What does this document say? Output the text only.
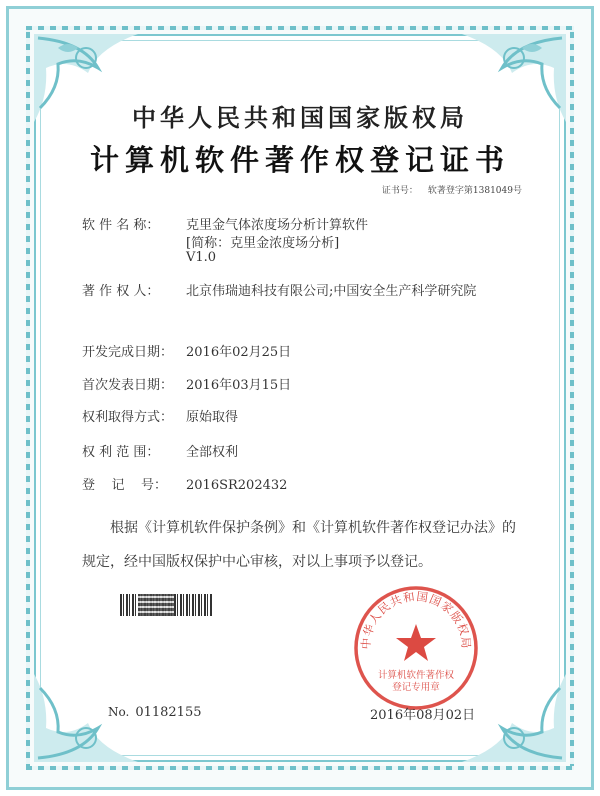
中华人民共和国国家版权局
计算机软件著作权登记证书
证书号： 软著登字第1381049号
软 件 名 称： 克里金气体浓度场分析计算软件
[简称：克里金浓度场分析]
V1.0
著 作 权 人： 北京伟瑞迪科技有限公司;中国安全生产科学研究院
开发完成日期： 2016年02月25日
首次发表日期： 2016年03月15日
权利取得方式： 原始取得
权 利 范 围： 全部权利
登    记    号： 2016SR202432
根据《计算机软件保护条例》和《计算机软件著作权登记办法》的
规定，经中国版权保护中心审核，对以上事项予以登记。
No. 01182155
中华人民共和国国家版权局
计算机软件著作权
登记专用章
2016年08月02日
